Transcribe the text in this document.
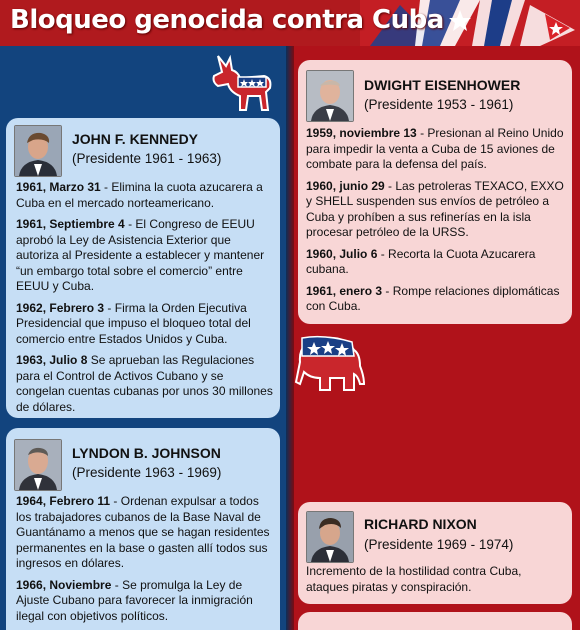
Bloqueo genocida contra Cuba
JOHN F. KENNEDY
(Presidente 1961 - 1963)
1961, Marzo 31 - Elimina la cuota azucarera a Cuba en el mercado norteamericano.
1961, Septiembre 4 - El Congreso de EEUU aprobó la Ley de Asistencia Exterior que autoriza al Presidente a establecer y mantener “un embargo total sobre el comercio” entre EEUU y Cuba.
1962, Febrero 3 - Firma la Orden Ejecutiva Presidencial que impuso el bloqueo total del comercio entre Estados Unidos y Cuba.
1963, Julio 8 Se aprueban las Regulaciones para el Control de Activos Cubano y se congelan cuentas cubanas por unos 30 millones de dólares.
LYNDON B. JOHNSON
(Presidente 1963 - 1969)
1964, Febrero 11 - Ordenan expulsar a todos los trabajadores cubanos de la Base Naval de Guantánamo a menos que se hagan residentes permanentes en la base o gasten allí todos sus ingresos en dólares.
1966, Noviembre - Se promulga la Ley de Ajuste Cubano para favorecer la inmigración ilegal con objetivos políticos.
DWIGHT EISENHOWER
(Presidente 1953 - 1961)
1959, noviembre 13 - Presionan al Reino Unido para impedir la venta a Cuba de 15 aviones de combate para la defensa del país.
1960, junio 29 - Las petroleras TEXACO, EXXO y SHELL suspenden sus envíos de petróleo a Cuba y prohíben a sus refinerías en la isla procesar petróleo de la URSS.
1960, Julio 6 - Recorta la Cuota Azucarera cubana.
1961, enero 3 - Rompe relaciones diplomáticas con Cuba.
RICHARD NIXON
(Presidente 1969 - 1974)
Incremento de la hostilidad contra Cuba, ataques piratas y conspiración.
